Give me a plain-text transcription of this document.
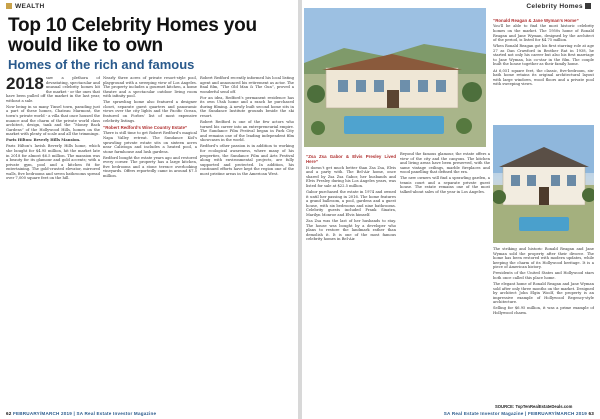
WEALTH
Top 10 Celebrity Homes you would like to own
Homes of the rich and famous

2018 saw a plethora of devastating, spectacular and unusual celebrity homes hit the market - or the ones that have been pulled off the market in the last year, without a sale.

Now being in so many Tinsel town, parading just a part of these homes, Chateau Marmont, the town’s private world - a villa that once housed the nuance and the charm of the private world class architect, design, tank and the “Money Back Gardens” of the Hollywood Hills, homes on the market with plenty of scale and all the trimmings.

Paris Hilton: Beverly Hills Mansion.

Paris Hilton’s lavish Beverly Hills home, which she bought for $4.95 million, hit the market late in 2018 for almost $6.5 million. The mansion was a beauty for its glamour and gold accents; with a private gym, pool and a kitchen fit for entertaining. The gold-crusted elevator, mirrored walls, five bedrooms and seven bathrooms spread over 7,000 square feet on the hill.

Nearly three acres of private resort-style pool, playground with a sweeping view of Los Angeles. The property includes a gourmet kitchen, a home theatre and a spectacular outdoor living room with infinity pool.

The sprawling home also featured a designer closet, separate guest quarters and panoramic views over the city lights and the Pacific Ocean, featured on Forbes’ list of most expensive celebrity listings.

“Robert Redford’s Wine Country Estate”

There is still time to get Robert Redford’s magical Napa Valley retreat. The Sundance Kid’s sprawling private estate sits on sixteen acres near Calistoga and includes a heated pool, a stone farmhouse and lush gardens.

Redford bought the estate years ago and restored every corner. The property has a large kitchen, five bedrooms and a stone terrace overlooking vineyards. Offers reportedly came in around $7.5 million.

Robert Redford recently informed his local listing agent and announced his retirement as actor. The final film, “The Old Man & The Gun”, proved a wonderful send off.

For an idea, Redford’s permanent residence has its own Utah home and a ranch he purchased during filming. A newly built second home sits in the Sundance Institute grounds beside the ski resort.

Robert Redford is one of the few actors who turned his career into an entrepreneurial empire. The Sundance Film Festival began in Park City and remains one of the leading independent film showcases in the world.

Redford’s other passion is in addition to working for ecological awareness, where many of his properties, the Sundance Film and Arts Festival along with environmental projects, are fully supported and protected. In addition, his continued efforts have kept the region one of the most pristine areas in the American West.

62 FEBRUARY/MARCH 2019 | SA Real Estate Investor Magazine
Celebrity Homes
“Zsa Zsa Gabor & Elvis Presley Lived Here”

It doesn’t get much better than Zsa Zsa, Elvis and a party with. The Bel-Air home, once shared by Zsa Zsa Gabor, her husbands and Elvis Presley during his Los Angeles years, was listed for sale at $22.5 million.

Gabor purchased the estate in 1974 and owned it until her passing in 2016. The home features a grand ballroom, a pool, gardens and a guest house, with six bedrooms and nine bathrooms. Celebrity guests included Frank Sinatra, Marilyn Monroe and Elvis himself.

Zsa Zsa was the last of her husbands to stay. The house was bought by a developer who plans to restore the landmark rather than demolish it. It is one of the most famous celebrity homes in Bel-Air.

Beyond the famous glamour, the estate offers a view of the city and the canyons. The kitchen and living areas have been preserved, with the same vintage ceilings, marble fireplaces and wood panelling that defined the era.

The new owners will find a sprawling garden, a tennis court and a separate private guest house. The estate remains one of the most talked-about sales of the year in Los Angeles.

“Ronald Reagan & Jane Wyman’s Home”

You’ll be able to find the most historic celebrity homes on the market. The 1950s home of Ronald Reagan and Jane Wyman, designed by the architect of the period, is listed for $4.75 million.

When Ronald Reagan got his first starring role at age 27 as Dan Crawford in Brother Rat in 1938, he started not only his career but also his first marriage to Jane Wyman, his co-star in the film. The couple built the house together as their family home.

At 6,051 square feet, the classic, five-bedroom, six-bath home retains its original architectural layout with large windows, wood floors and a private pool with sweeping views.

The striking and historic Ronald Reagan and Jane Wyman sold the property after their divorce. The home has been restored with modern updates, while keeping the charm of its Hollywood heritage. It is a piece of American history.

Presidents of the United States and Hollywood stars both once called this place home.

The elegant home of Ronald Reagan and Jane Wyman sold after only three months on the market. Designed by architect John Elgin Woolf, the property is an impressive example of Hollywood Regency-style architecture.

Selling for $6.95 million, it was a prime example of Hollywood charm.

SOURCE: TopTenRealEstateDeals.com
SA Real Estate Investor Magazine | FEBRUARY/MARCH 2019 63
